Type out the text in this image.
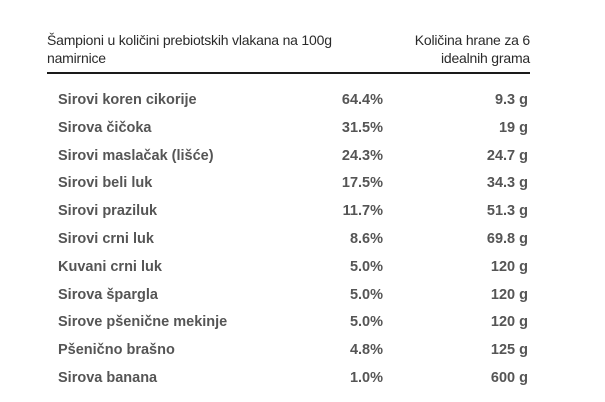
Šampioni u količini prebiotskih vlakana na 100g namirnice
Količina hrane za 6 idealnih grama
Sirovi koren cikorije	64.4%	9.3 g
Sirova čičoka	31.5%	19 g
Sirovi maslačak (lišće)	24.3%	24.7 g
Sirovi beli luk	17.5%	34.3 g
Sirovi praziluk	11.7%	51.3 g
Sirovi crni luk	8.6%	69.8 g
Kuvani crni luk	5.0%	120 g
Sirova špargla	5.0%	120 g
Sirove pšenične mekinje	5.0%	120 g
Pšenično brašno	4.8%	125 g
Sirova banana	1.0%	600 g
